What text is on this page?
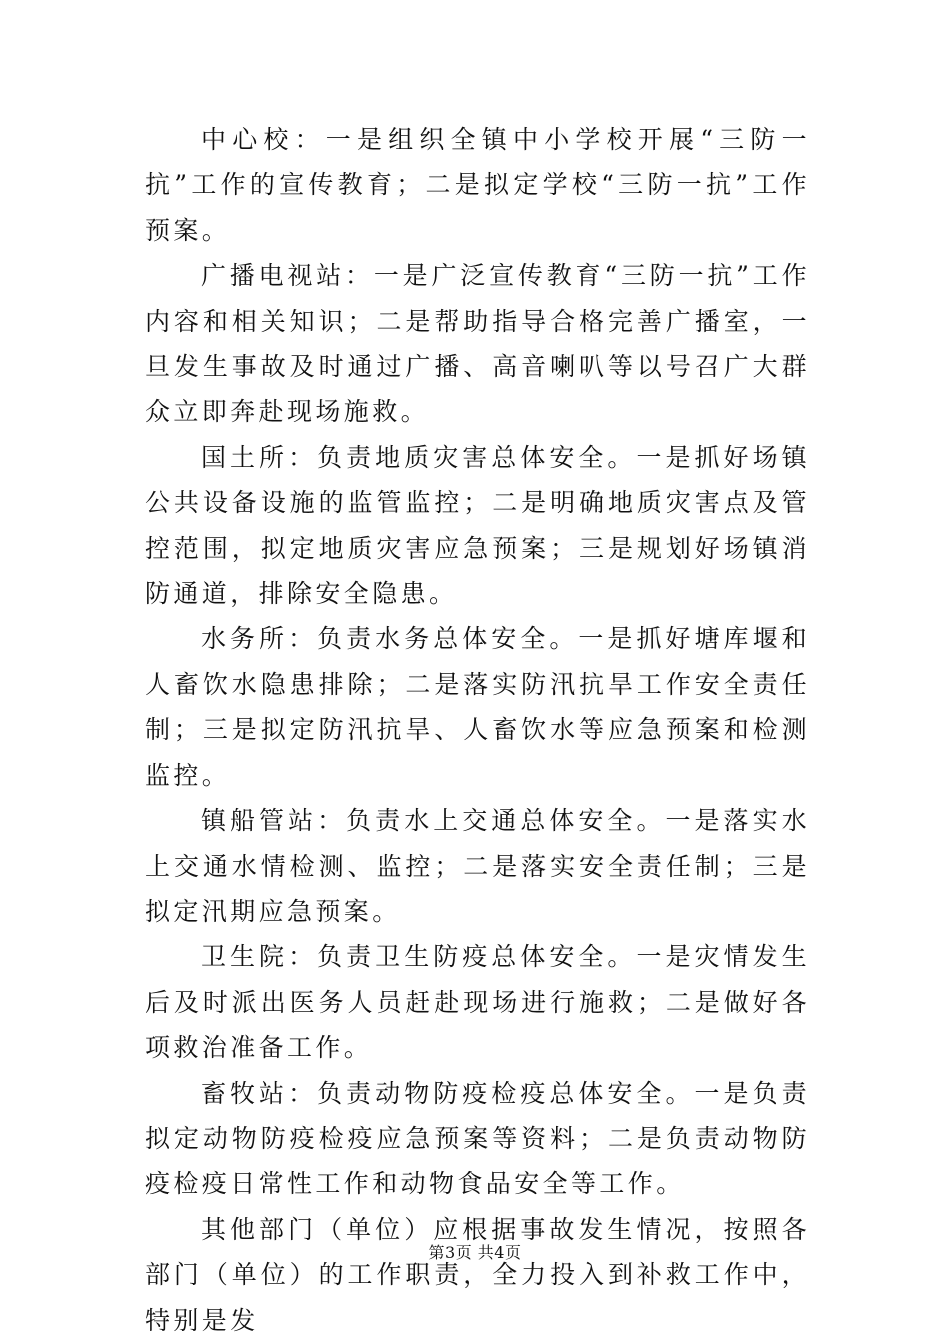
中心校：一是组织全镇中小学校开展“三防一抗”工作的宣传教育；二是拟定学校“三防一抗”工作预案。

广播电视站：一是广泛宣传教育“三防一抗”工作内容和相关知识；二是帮助指导合格完善广播室，一旦发生事故及时通过广播、高音喇叭等以号召广大群众立即奔赴现场施救。

国土所：负责地质灾害总体安全。一是抓好场镇公共设备设施的监管监控；二是明确地质灾害点及管控范围，拟定地质灾害应急预案；三是规划好场镇消防通道，排除安全隐患。

水务所：负责水务总体安全。一是抓好塘库堰和人畜饮水隐患排除；二是落实防汛抗旱工作安全责任制；三是拟定防汛抗旱、人畜饮水等应急预案和检测监控。

镇船管站：负责水上交通总体安全。一是落实水上交通水情检测、监控；二是落实安全责任制；三是拟定汛期应急预案。

卫生院：负责卫生防疫总体安全。一是灾情发生后及时派出医务人员赶赴现场进行施救；二是做好各项救治准备工作。

畜牧站：负责动物防疫检疫总体安全。一是负责拟定动物防疫检疫应急预案等资料；二是负责动物防疫检疫日常性工作和动物食品安全等工作。

其他部门（单位）应根据事故发生情况，按照各部门（单位）的工作职责，全力投入到补救工作中，特别是发

第3页 共4页
